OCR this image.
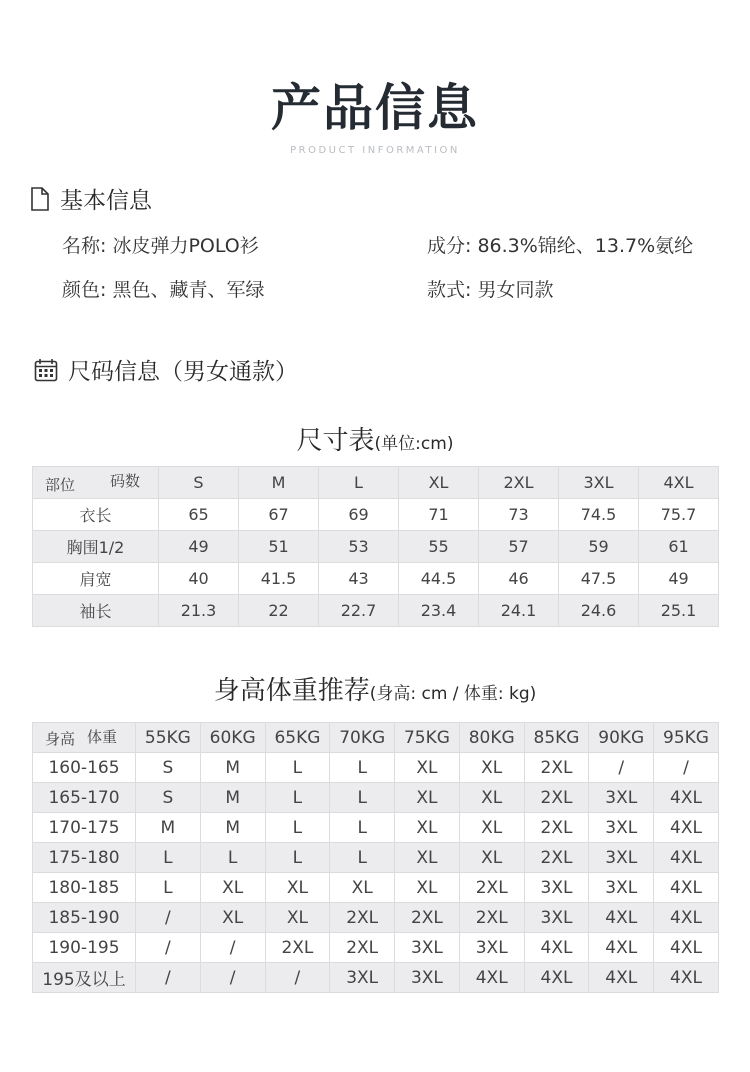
产品信息
PRODUCT INFORMATION
基本信息
名称: 冰皮弹力POLO衫	成分: 86.3%锦纶、13.7%氨纶
颜色: 黑色、藏青、军绿	款式: 男女同款
尺码信息（男女通款）
尺寸表(单位:cm)
码数
部位	S	M	L	XL	2XL	3XL	4XL
衣长	65	67	69	71	73	74.5	75.7
胸围1/2	49	51	53	55	57	59	61
肩宽	40	41.5	43	44.5	46	47.5	49
袖长	21.3	22	22.7	23.4	24.1	24.6	25.1
身高体重推荐(身高: cm / 体重: kg)
体重
身高	55KG	60KG	65KG	70KG	75KG	80KG	85KG	90KG	95KG
160-165	S	M	L	L	XL	XL	2XL	/	/
165-170	S	M	L	L	XL	XL	2XL	3XL	4XL
170-175	M	M	L	L	XL	XL	2XL	3XL	4XL
175-180	L	L	L	L	XL	XL	2XL	3XL	4XL
180-185	L	XL	XL	XL	XL	2XL	3XL	3XL	4XL
185-190	/	XL	XL	2XL	2XL	2XL	3XL	4XL	4XL
190-195	/	/	2XL	2XL	3XL	3XL	4XL	4XL	4XL
195及以上	/	/	/	3XL	3XL	4XL	4XL	4XL	4XL
